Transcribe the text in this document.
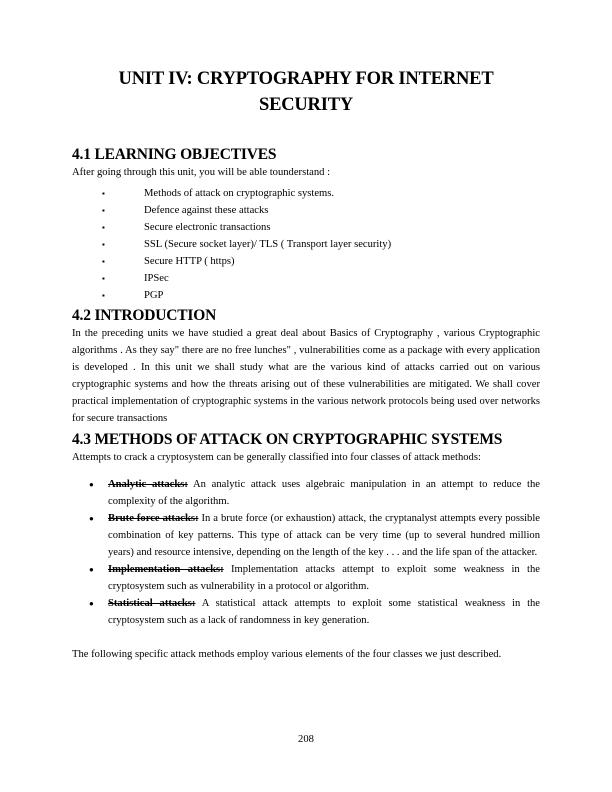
UNIT IV: CRYPTOGRAPHY FOR INTERNET
SECURITY
4.1 LEARNING OBJECTIVES

After going through this unit, you will be able tounderstand :

▪	Methods of attack on cryptographic systems.
▪	Defence against these attacks
▪	Secure electronic transactions
▪	SSL (Secure socket layer)/ TLS ( Transport layer security)
▪	Secure HTTP ( https)
▪	IPSec
▪	PGP
4.2 INTRODUCTION

In the preceding units we have studied a great deal about Basics of Cryptography , various Cryptographic algorithms . As they say" there are no free lunches" , vulnerabilities come as a package with every application is developed . In this unit we shall study what are the various kind of attacks carried out on various cryptographic systems and how the threats arising out of these vulnerabilities are mitigated. We shall cover practical implementation of cryptographic systems in the various network protocols being used over networks for secure transactions

4.3 METHODS OF ATTACK ON CRYPTOGRAPHIC SYSTEMS

Attempts to crack a cryptosystem can be generally classified into four classes of attack methods:

● Analytic attacks: An analytic attack uses algebraic manipulation in an attempt to reduce the complexity of the algorithm.
● Brute force attacks: In a brute force (or exhaustion) attack, the cryptanalyst attempts every possible combination of key patterns. This type of attack can be very time (up to several hundred million years) and resource intensive, depending on the length of the key . . . and the life span of the attacker.
● Implementation attacks: Implementation attacks attempt to exploit some weakness in the cryptosystem such as vulnerability in a protocol or algorithm.
● Statistical attacks: A statistical attack attempts to exploit some statistical weakness in the cryptosystem such as a lack of randomness in key generation.

The following specific attack methods employ various elements of the four classes we just described.

208
